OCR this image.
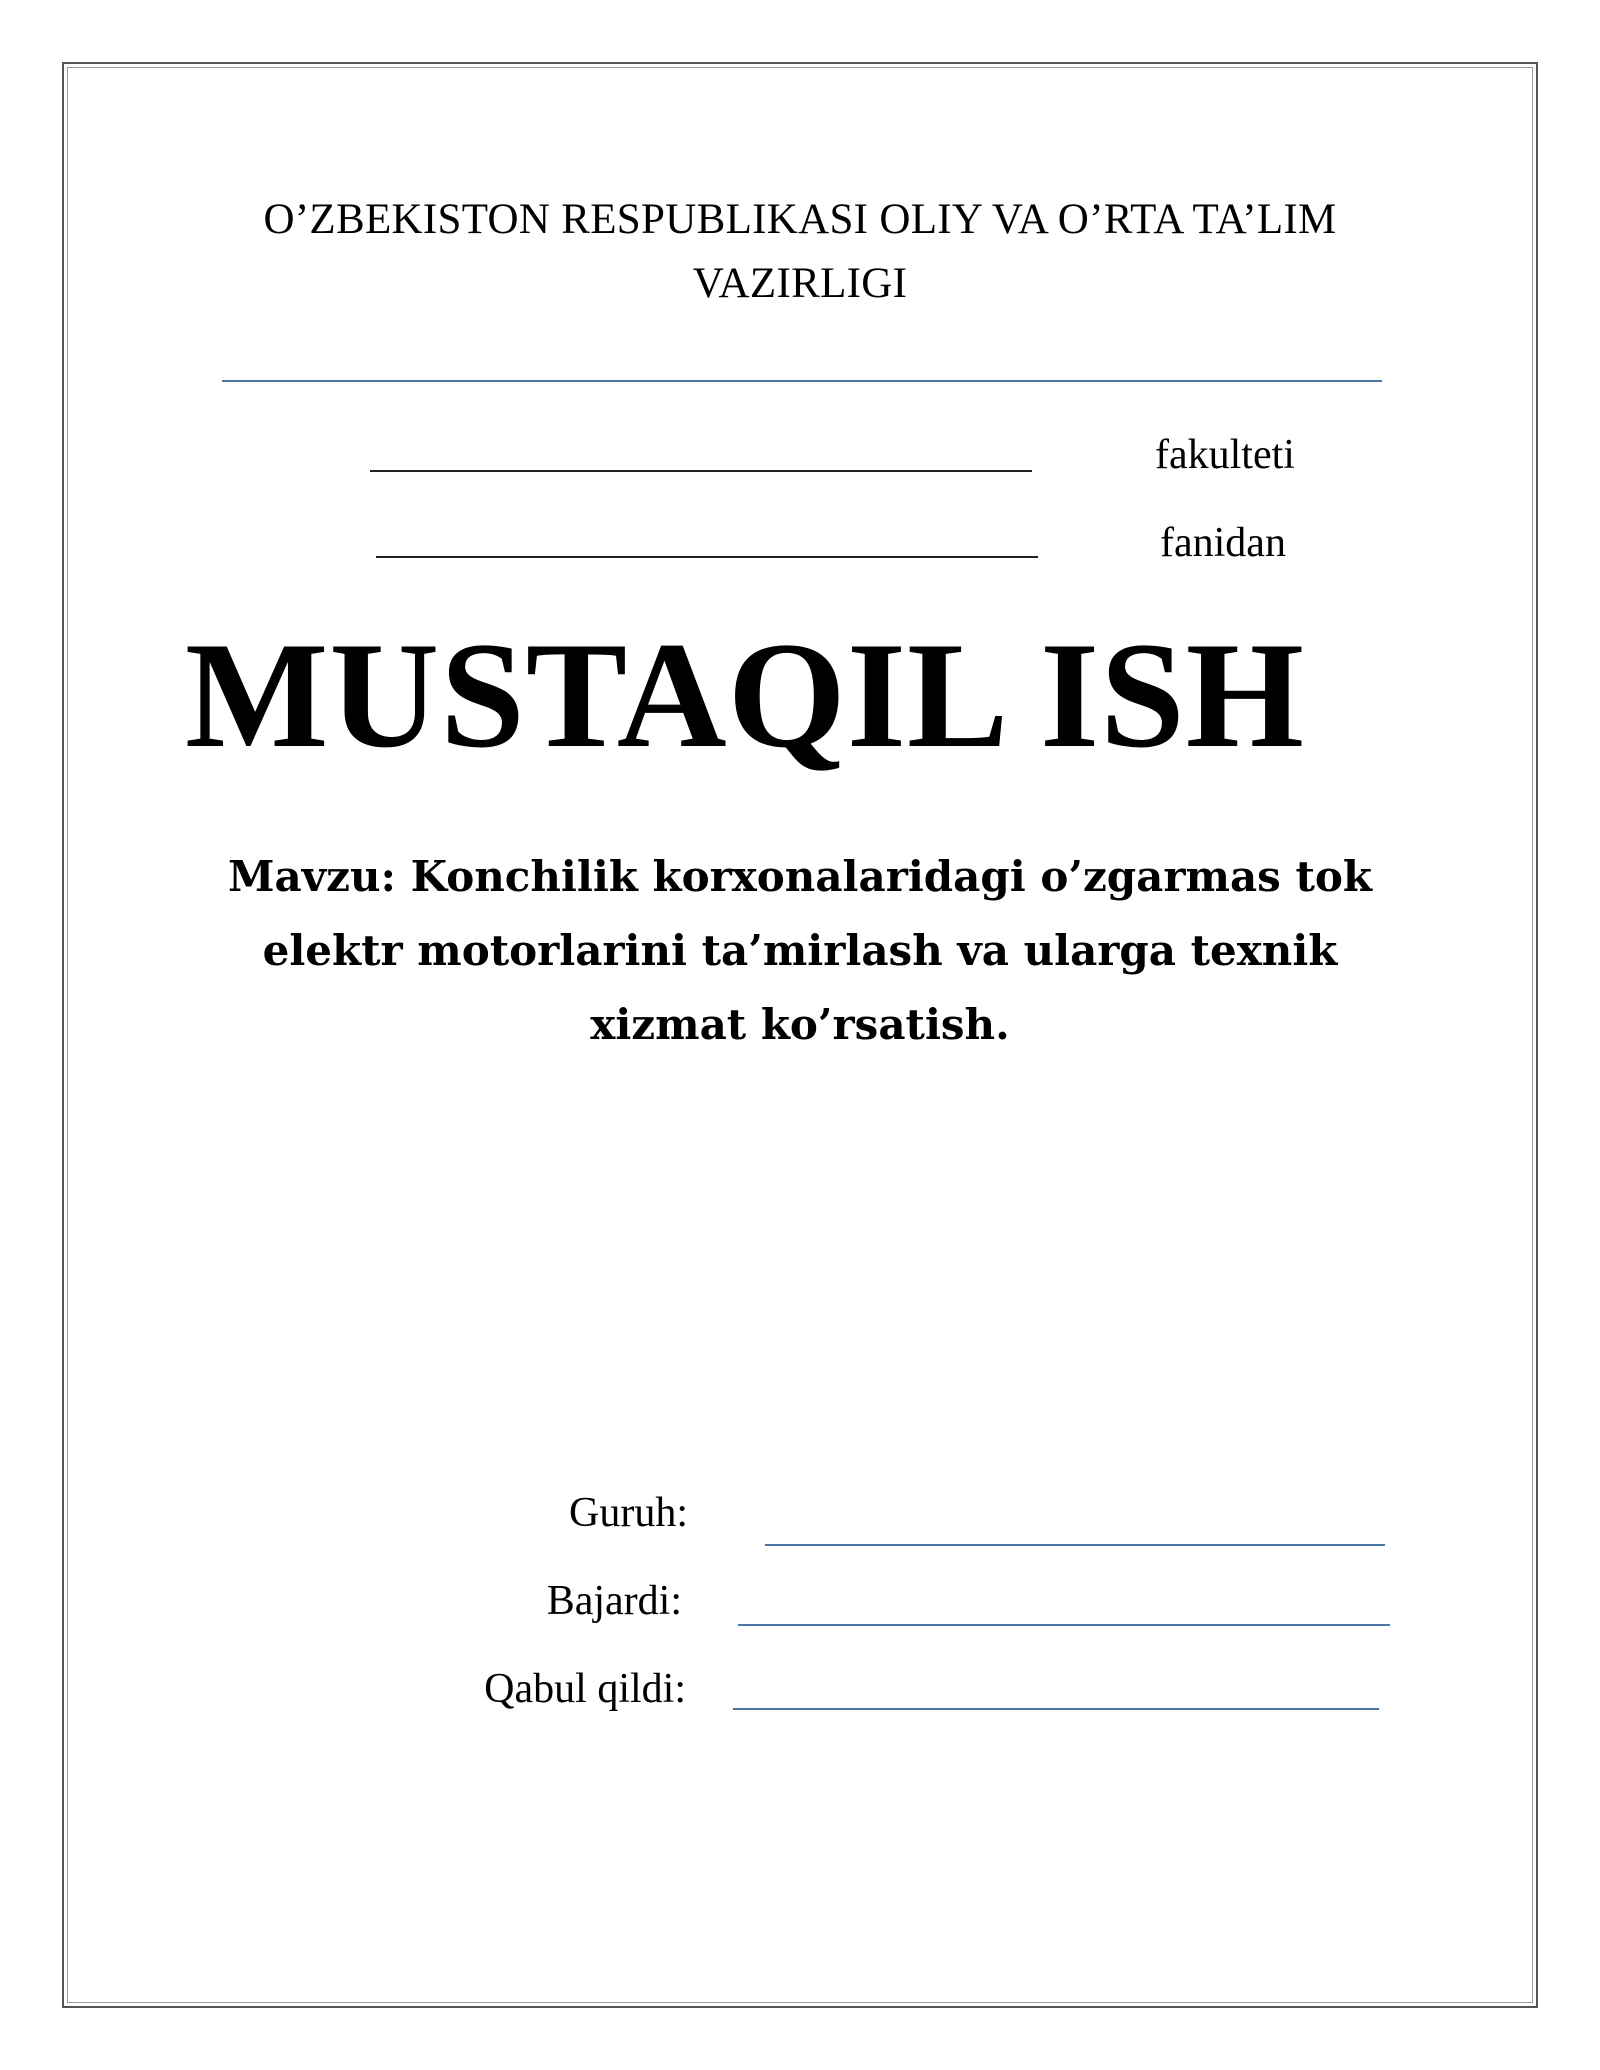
O’ZBEKISTON RESPUBLIKASI OLIY VA O’RTA TA’LIM
VAZIRLIGI
fakulteti
fanidan
MUSTAQIL ISH
Mavzu: Konchilik korxonalaridagi o’zgarmas tok
elektr motorlarini ta’mirlash va ularga texnik
xizmat ko’rsatish.
Guruh:
Bajardi:
Qabul qildi:
